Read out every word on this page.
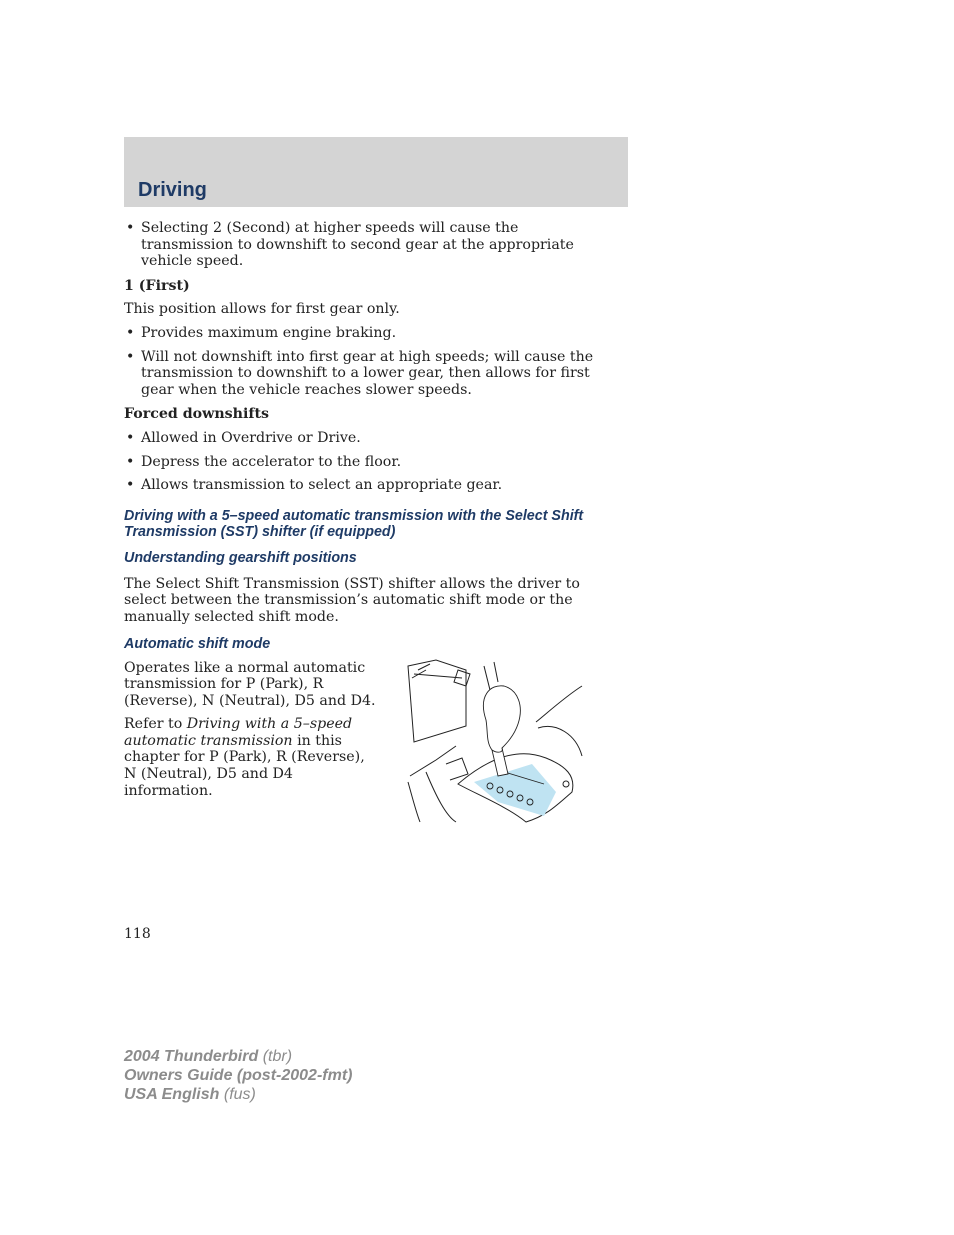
Driving
• Selecting 2 (Second) at higher speeds will cause the transmission to downshift to second gear at the appropriate vehicle speed.
1 (First)

This position allows for first gear only.

• Provides maximum engine braking.
• Will not downshift into first gear at high speeds; will cause the transmission to downshift to a lower gear, then allows for first gear when the vehicle reaches slower speeds.
Forced downshifts
• Allowed in Overdrive or Drive.
• Depress the accelerator to the floor.
• Allows transmission to select an appropriate gear.
Driving with a 5–speed automatic transmission with the Select Shift Transmission (SST) shifter (if equipped)
Understanding gearshift positions

The Select Shift Transmission (SST) shifter allows the driver to select between the transmission’s automatic shift mode or the manually selected shift mode.

Automatic shift mode

Operates like a normal automatic transmission for P (Park), R (Reverse), N (Neutral), D5 and D4.

Refer to Driving with a 5–speed automatic transmission in this chapter for P (Park), R (Reverse), N (Neutral), D5 and D4 information.

118
2004 Thunderbird (tbr)
Owners Guide (post-2002-fmt)
USA English (fus)
